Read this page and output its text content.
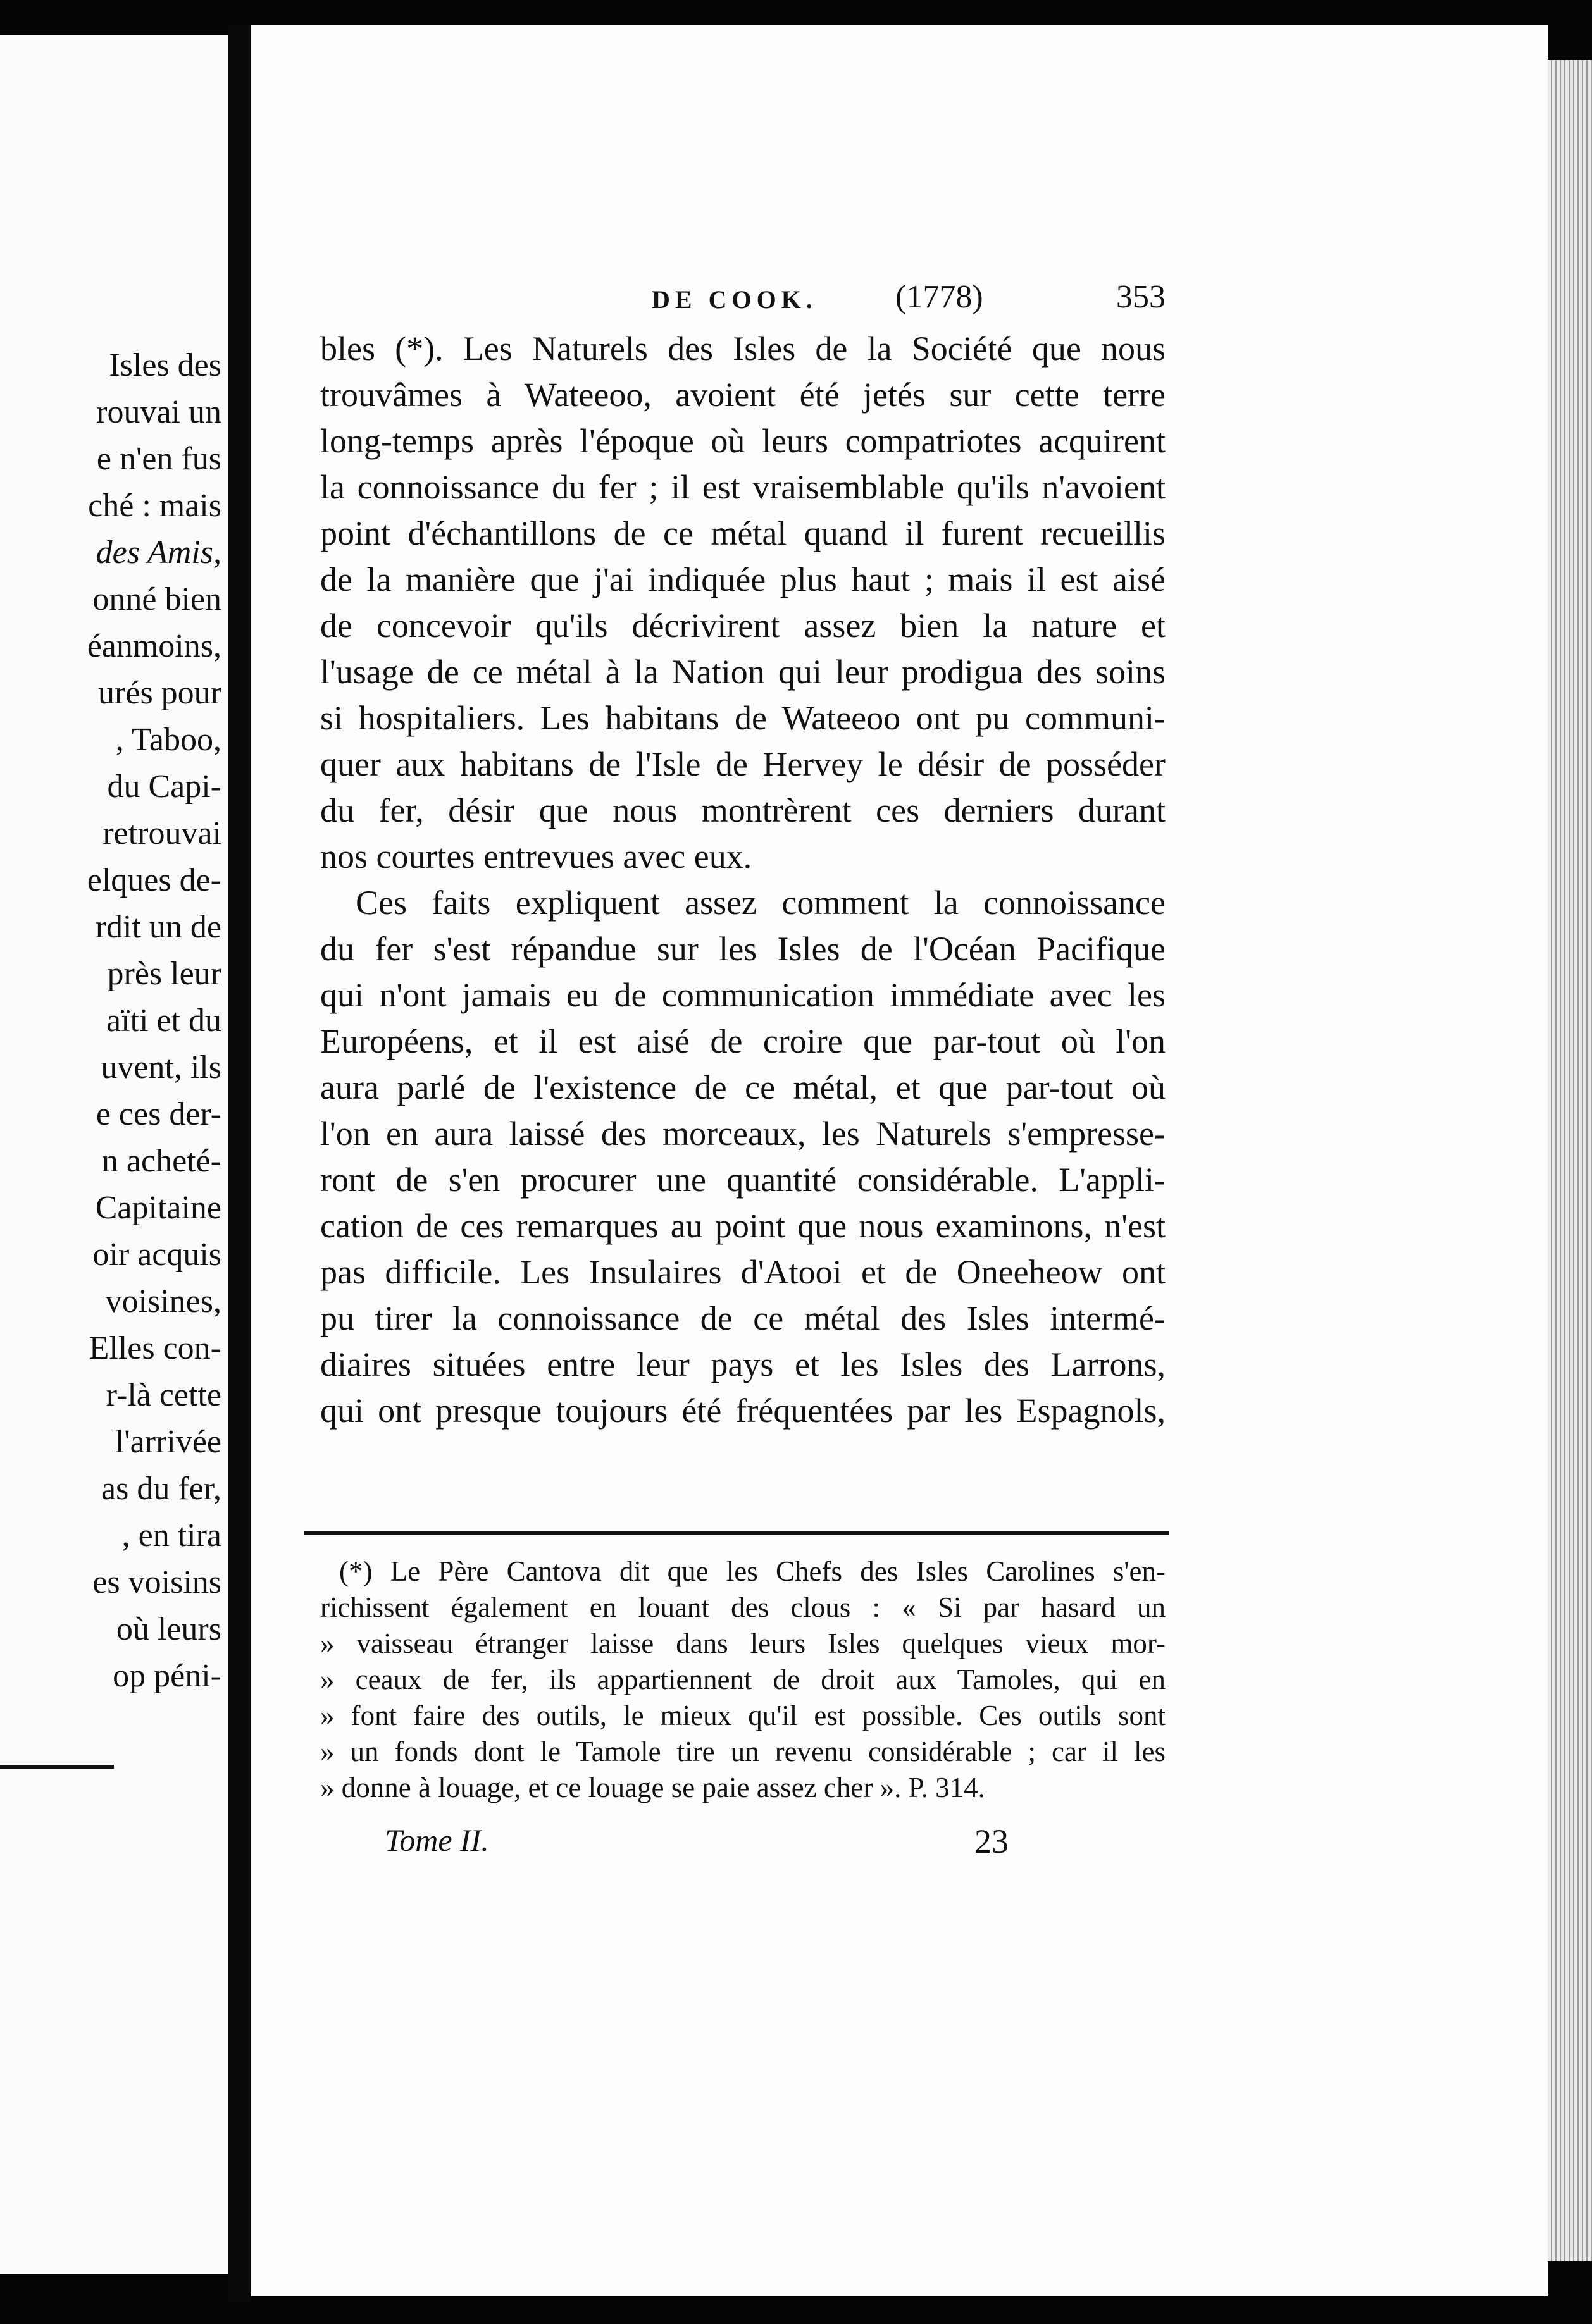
Isles des
rouvai un
e n'en fus
ché : mais
des Amis,
onné bien
éanmoins,
urés pour
, Taboo,
du Capi-
retrouvai
elques de-
rdit un de
près leur
aïti et du
uvent, ils
e ces der-
n acheté-
Capitaine
oir acquis
voisines,
Elles con-
r-là cette
l'arrivée
as du fer,
, en tira
es voisins
où leurs
op péni-
DE COOK. (1778)	353
bles (*). Les Naturels des Isles de la Société que nous
trouvâmes à Wateeoo, avoient été jetés sur cette terre
long-temps après l'époque où leurs compatriotes acquirent
la connoissance du fer ; il est vraisemblable qu'ils n'avoient
point d'échantillons de ce métal quand il furent recueillis
de la manière que j'ai indiquée plus haut ; mais il est aisé
de concevoir qu'ils décrivirent assez bien la nature et
l'usage de ce métal à la Nation qui leur prodigua des soins
si hospitaliers. Les habitans de Wateeoo ont pu communi-
quer aux habitans de l'Isle de Hervey le désir de posséder
du fer, désir que nous montrèrent ces derniers durant
nos courtes entrevues avec eux.
Ces faits expliquent assez comment la connoissance
du fer s'est répandue sur les Isles de l'Océan Pacifique
qui n'ont jamais eu de communication immédiate avec les
Européens, et il est aisé de croire que par-tout où l'on
aura parlé de l'existence de ce métal, et que par-tout où
l'on en aura laissé des morceaux, les Naturels s'empresse-
ront de s'en procurer une quantité considérable. L'appli-
cation de ces remarques au point que nous examinons, n'est
pas difficile. Les Insulaires d'Atooi et de Oneeheow ont
pu tirer la connoissance de ce métal des Isles intermé-
diaires situées entre leur pays et les Isles des Larrons,
qui ont presque toujours été fréquentées par les Espagnols,
(*) Le Père Cantova dit que les Chefs des Isles Carolines s'en-
richissent également en louant des clous : « Si par hasard un
» vaisseau étranger laisse dans leurs Isles quelques vieux mor-
» ceaux de fer, ils appartiennent de droit aux Tamoles, qui en
» font faire des outils, le mieux qu'il est possible. Ces outils sont
» un fonds dont le Tamole tire un revenu considérable ; car il les
» donne à louage, et ce louage se paie assez cher ». P. 314.
Tome II.	23
